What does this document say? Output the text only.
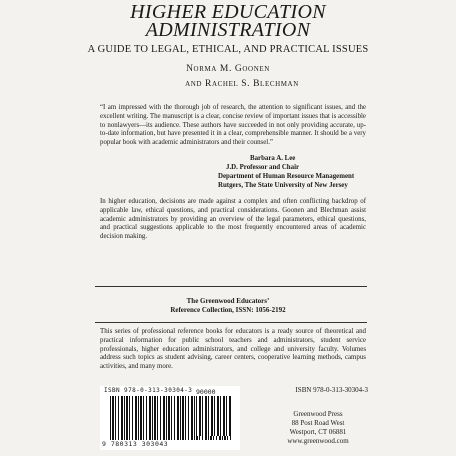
HIGHER EDUCATION
ADMINISTRATION
A GUIDE TO LEGAL, ETHICAL, AND PRACTICAL ISSUES
Norma M. Goonen
and Rachel S. Blechman

“I am impressed with the thorough job of research, the attention to significant issues, and the excellent writing. The manuscript is a clear, concise review of important issues that is accessible to nonlawyers—its audience. These authors have succeeded in not only providing accurate, up-to-date information, but have presented it in a clear, comprehensible manner. It should be a very popular book with academic administrators and their counsel.”

Barbara A. Lee
J.D. Professor and Chair
Department of Human Resource Management
Rutgers, The State University of New Jersey

In higher education, decisions are made against a complex and often conflicting backdrop of applicable law, ethical questions, and practical considerations. Goonen and Blechman assist academic administrators by providing an overview of the legal parameters, ethical questions, and practical suggestions applicable to the most frequently encountered areas of academic decision making.

The Greenwood Educators’
Reference Collection, ISSN: 1056-2192

This series of professional reference books for educators is a ready source of theoretical and practical information for public school teachers and administrators, student service professionals, higher education administrators, and college and university faculty. Volumes address such topics as student advising, career centers, cooperative learning methods, campus activities, and many more.

ISBN 978-0-313-30304-3 90000
9 780313 303043
ISBN 978-0-313-30304-3
Greenwood Press
88 Post Road West
Westport, CT 06881
www.greenwood.com
